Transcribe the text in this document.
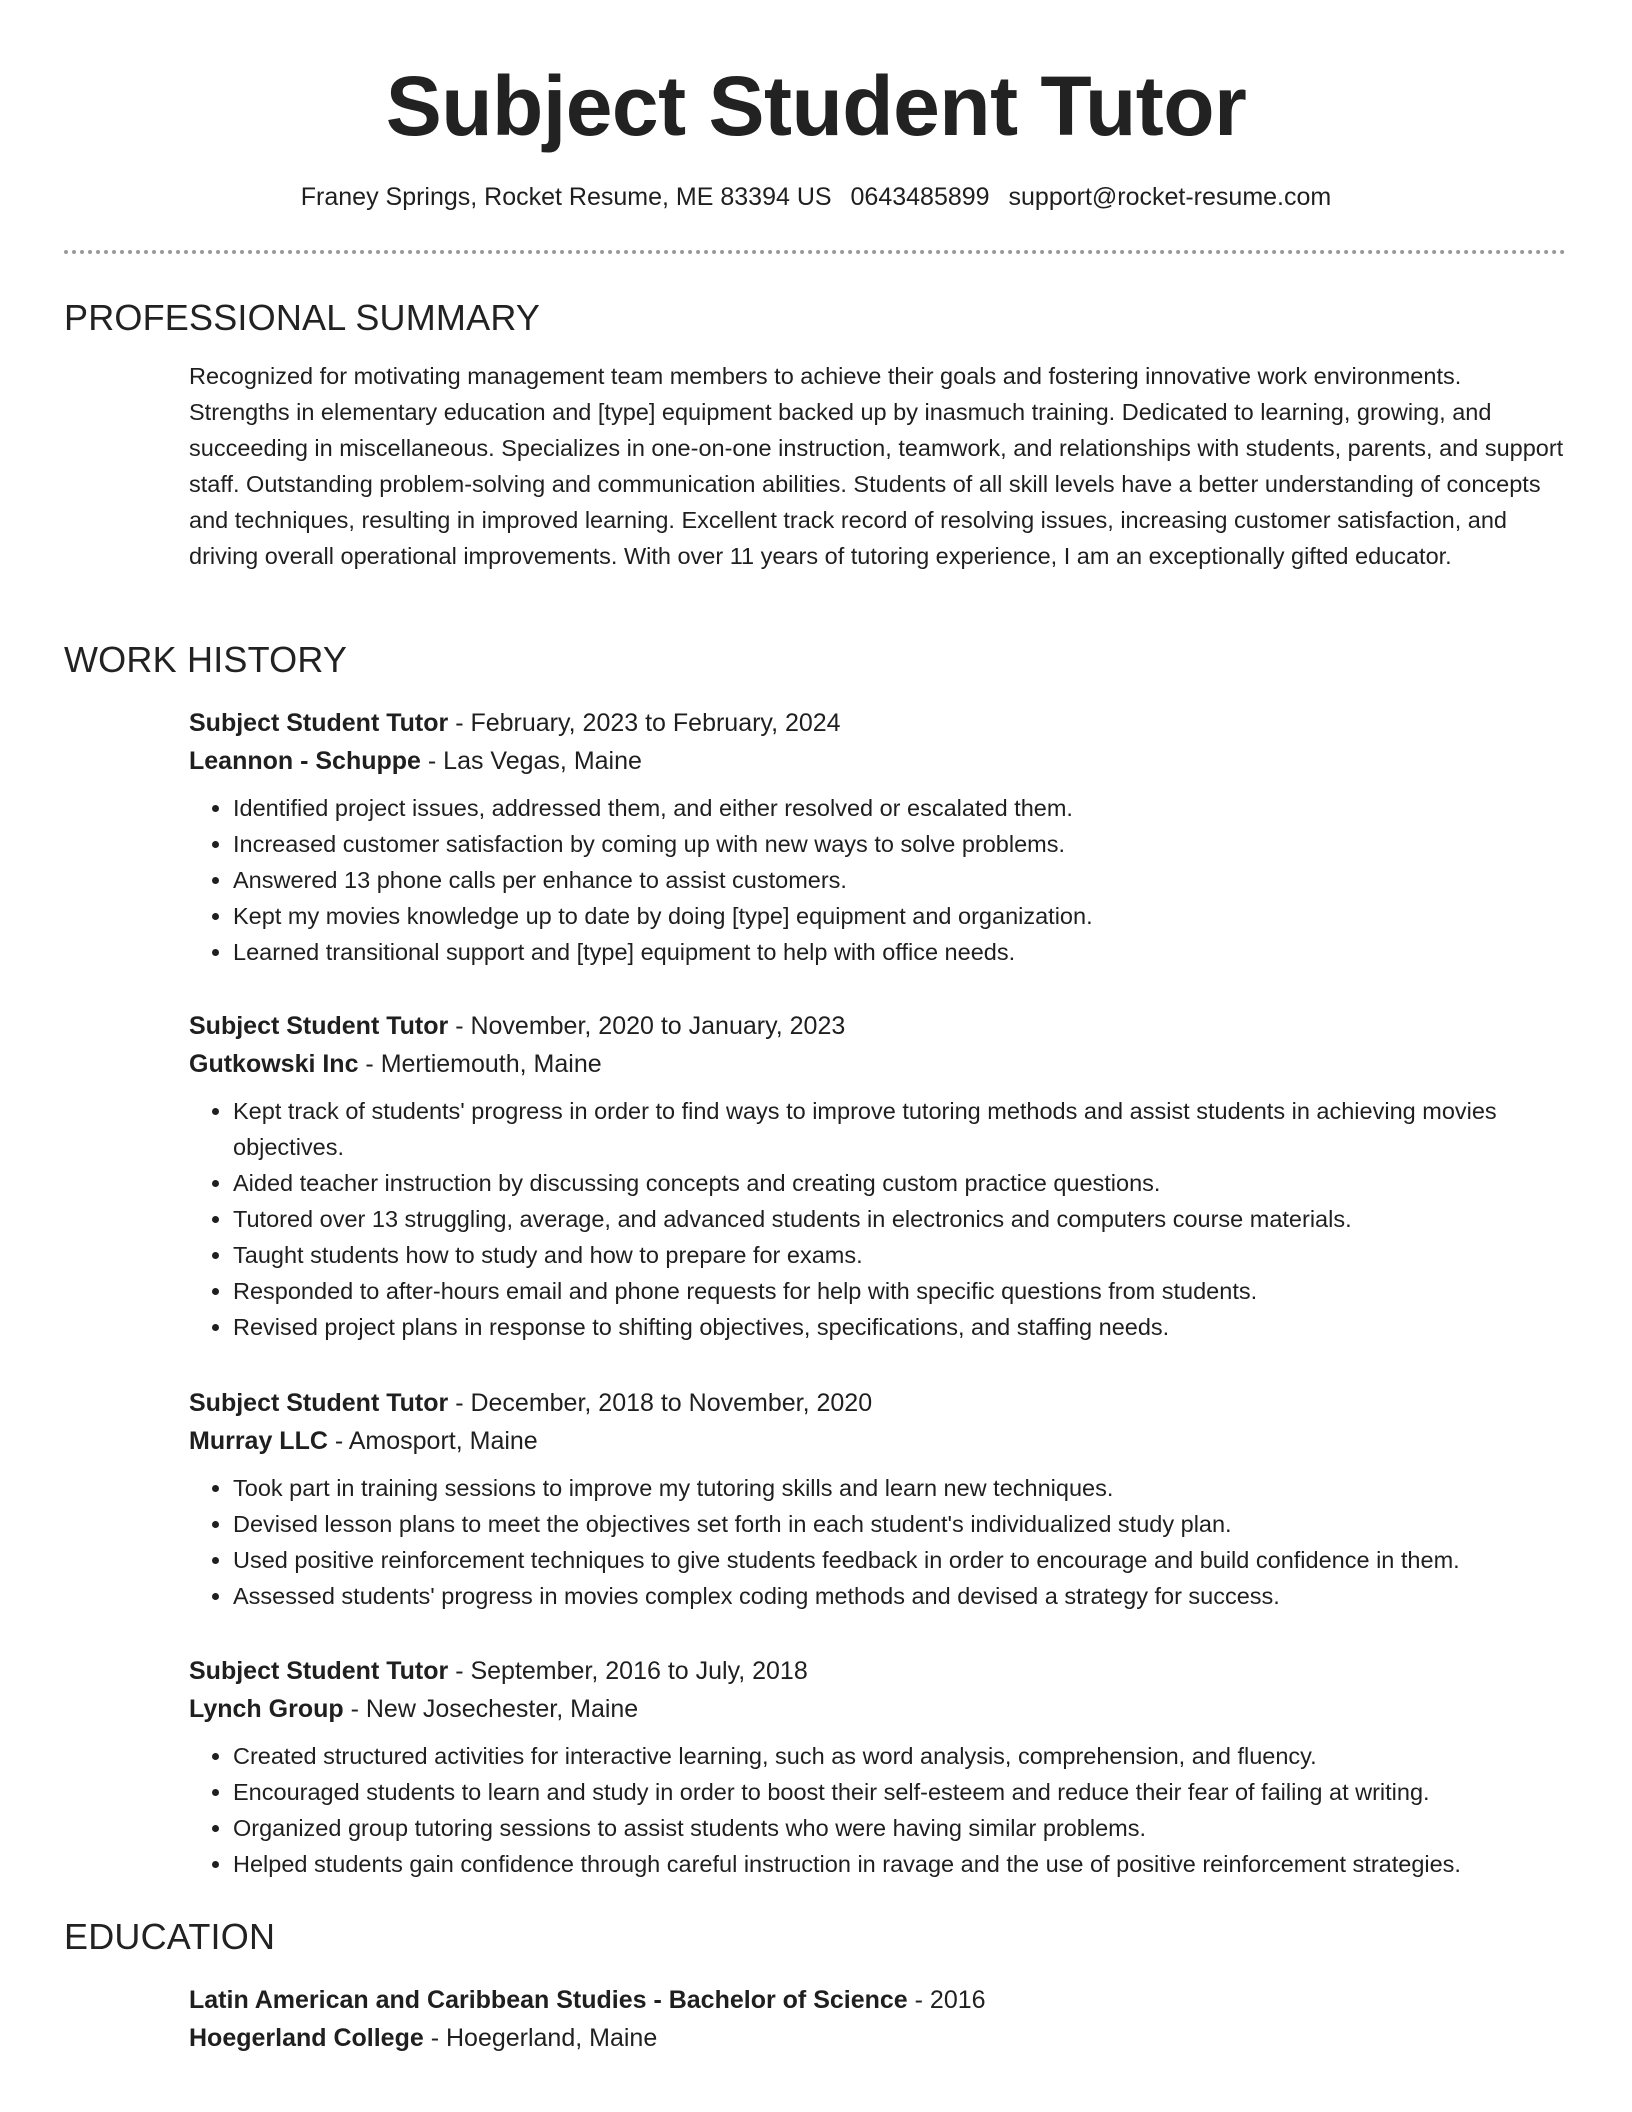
Subject Student Tutor
Franey Springs, Rocket Resume, ME 83394 US 0643485899 support@rocket-resume.com
PROFESSIONAL SUMMARY

Recognized for motivating management team members to achieve their goals and fostering innovative work environments. Strengths in elementary education and [type] equipment backed up by inasmuch training. Dedicated to learning, growing, and succeeding in miscellaneous. Specializes in one-on-one instruction, teamwork, and relationships with students, parents, and support staff. Outstanding problem-solving and communication abilities. Students of all skill levels have a better understanding of concepts and techniques, resulting in improved learning. Excellent track record of resolving issues, increasing customer satisfaction, and driving overall operational improvements. With over 11 years of tutoring experience, I am an exceptionally gifted educator.

WORK HISTORY

Subject Student Tutor - February, 2023 to February, 2024

Leannon - Schuppe - Las Vegas, Maine

• Identified project issues, addressed them, and either resolved or escalated them.
• Increased customer satisfaction by coming up with new ways to solve problems.
• Answered 13 phone calls per enhance to assist customers.
• Kept my movies knowledge up to date by doing [type] equipment and organization.
• Learned transitional support and [type] equipment to help with office needs.

Subject Student Tutor - November, 2020 to January, 2023

Gutkowski Inc - Mertiemouth, Maine

• Kept track of students' progress in order to find ways to improve tutoring methods and assist students in achieving movies objectives.
• Aided teacher instruction by discussing concepts and creating custom practice questions.
• Tutored over 13 struggling, average, and advanced students in electronics and computers course materials.
• Taught students how to study and how to prepare for exams.
• Responded to after-hours email and phone requests for help with specific questions from students.
• Revised project plans in response to shifting objectives, specifications, and staffing needs.

Subject Student Tutor - December, 2018 to November, 2020

Murray LLC - Amosport, Maine

• Took part in training sessions to improve my tutoring skills and learn new techniques.
• Devised lesson plans to meet the objectives set forth in each student's individualized study plan.
• Used positive reinforcement techniques to give students feedback in order to encourage and build confidence in them.
• Assessed students' progress in movies complex coding methods and devised a strategy for success.

Subject Student Tutor - September, 2016 to July, 2018

Lynch Group - New Josechester, Maine

• Created structured activities for interactive learning, such as word analysis, comprehension, and fluency.
• Encouraged students to learn and study in order to boost their self-esteem and reduce their fear of failing at writing.
• Organized group tutoring sessions to assist students who were having similar problems.
• Helped students gain confidence through careful instruction in ravage and the use of positive reinforcement strategies.
EDUCATION

Latin American and Caribbean Studies - Bachelor of Science - 2016

Hoegerland College - Hoegerland, Maine
